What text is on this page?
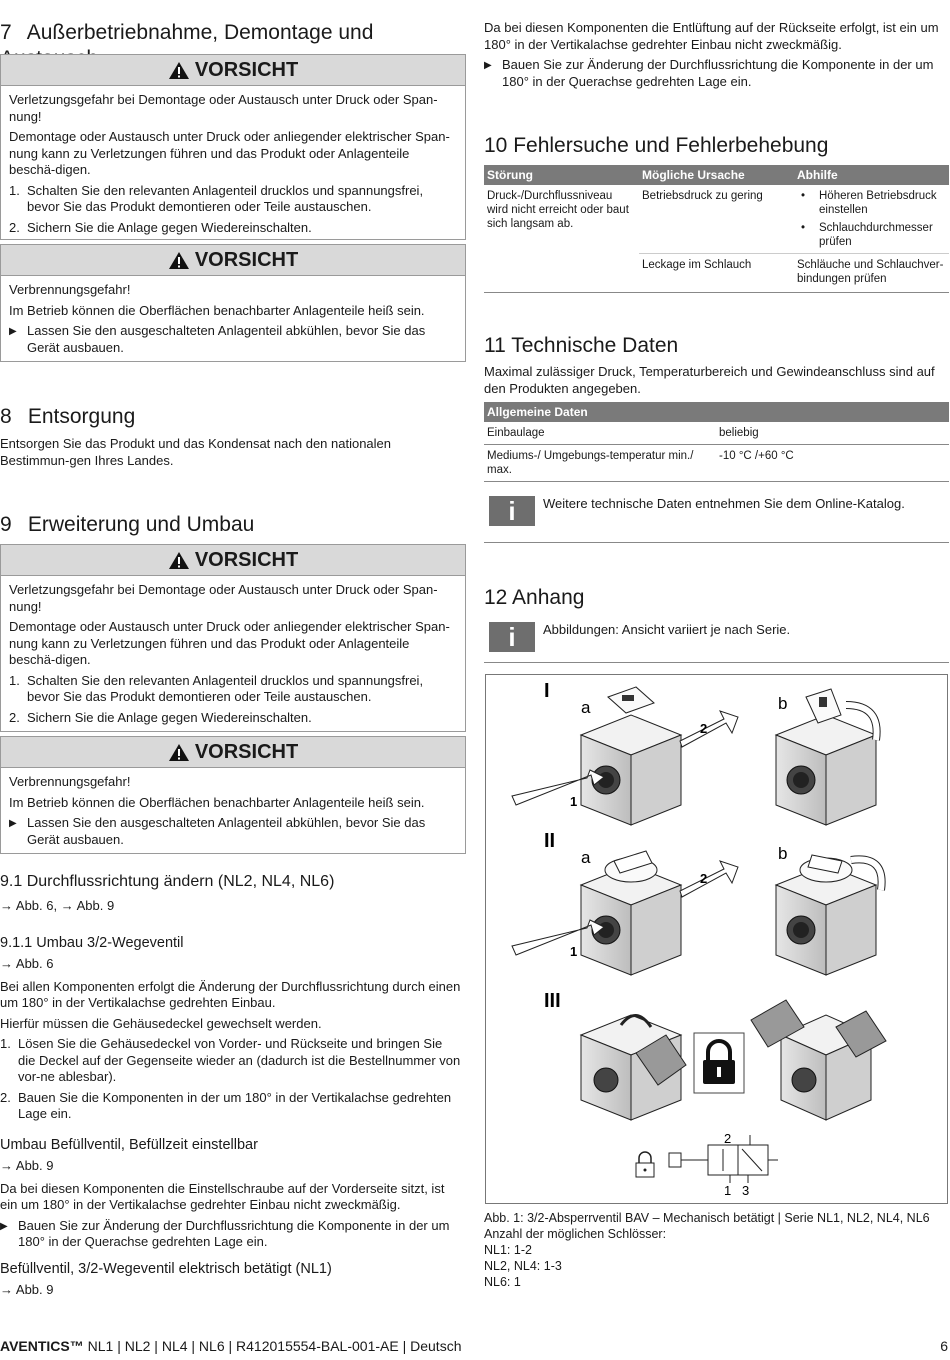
7 Außerbetriebnahme, Demontage und
VORSICHT

Verletzungsgefahr bei Demontage oder Austausch unter Druck oder Span-nung!

Demontage oder Austausch unter Druck oder anliegender elektrischer Span-nung kann zu Verletzungen führen und das Produkt oder Anlagenteile beschä-digen.

1. Schalten Sie den relevanten Anlagenteil drucklos und spannungsfrei, bevor Sie das Produkt demontieren oder Teile austauschen.
2. Sichern Sie die Anlage gegen Wiedereinschalten.
VORSICHT

Verbrennungsgefahr!

Im Betrieb können die Oberflächen benachbarter Anlagenteile heiß sein.

▶ Lassen Sie den ausgeschalteten Anlagenteil abkühlen, bevor Sie das Gerät ausbauen.
8 Entsorgung

Entsorgen Sie das Produkt und das Kondensat nach den nationalen Bestimmun-gen Ihres Landes.

9 Erweiterung und Umbau
VORSICHT

Verletzungsgefahr bei Demontage oder Austausch unter Druck oder Span-nung!

Demontage oder Austausch unter Druck oder anliegender elektrischer Span-nung kann zu Verletzungen führen und das Produkt oder Anlagenteile beschä-digen.

1. Schalten Sie den relevanten Anlagenteil drucklos und spannungsfrei, bevor Sie das Produkt demontieren oder Teile austauschen.
2. Sichern Sie die Anlage gegen Wiedereinschalten.
VORSICHT

Verbrennungsgefahr!

Im Betrieb können die Oberflächen benachbarter Anlagenteile heiß sein.

▶ Lassen Sie den ausgeschalteten Anlagenteil abkühlen, bevor Sie das Gerät ausbauen.
9.1 Durchflussrichtung ändern (NL2, NL4, NL6)

→ Abb. 6, → Abb. 9

9.1.1 Umbau 3/2-Wegeventil

→ Abb. 6

Bei allen Komponenten erfolgt die Änderung der Durchflussrichtung durch einen um 180° in der Vertikalachse gedrehten Einbau.

Hierfür müssen die Gehäusedeckel gewechselt werden.

1. Lösen Sie die Gehäusedeckel von Vorder- und Rückseite und bringen Sie die Deckel auf der Gegenseite wieder an (dadurch ist die Bestellnummer von vor-ne ablesbar).
2. Bauen Sie die Komponenten in der um 180° in der Vertikalachse gedrehten Lage ein.
Umbau Befüllventil, Befüllzeit einstellbar

→ Abb. 9

Da bei diesen Komponenten die Einstellschraube auf der Vorderseite sitzt, ist ein um 180° in der Vertikalachse gedrehter Einbau nicht zweckmäßig.

▶ Bauen Sie zur Änderung der Durchflussrichtung die Komponente in der um 180° in der Querachse gedrehten Lage ein.
Befüllventil, 3/2-Wegeventil elektrisch betätigt (NL1)

→ Abb. 9

Da bei diesen Komponenten die Entlüftung auf der Rückseite erfolgt, ist ein um 180° in der Vertikalachse gedrehter Einbau nicht zweckmäßig.

▶ Bauen Sie zur Änderung der Durchflussrichtung die Komponente in der um 180° in der Querachse gedrehten Lage ein.
10 Fehlersuche und Fehlerbehebung
Störung	Mögliche Ursache	Abhilfe
Druck-/Durchflussniveau wird nicht erreicht oder baut sich langsam ab.	Betriebsdruck zu gering	• Höheren Betriebsdruck einstellen
• Schlauchdurchmesser prüfen

	Leckage im Schlauch	Schläuche und Schlauchver-bindungen prüfen
11 Technische Daten

Maximal zulässiger Druck, Temperaturbereich und Gewindeanschluss sind auf den Produkten angegeben.

Allgemeine Daten	
Einbaulage	beliebig
Mediums-/ Umgebungs-temperatur min./ max.	-10 °C /+60 °C
i	Weitere technische Daten entnehmen Sie dem Online-Katalog.

12 Anhang
i	Abbildungen: Ansicht variiert je nach Serie.

I
II
III
a	b
a	b
1
2
1
2
2
1 3

Abb. 1: 3/2-Absperrventil BAV – Mechanisch betätigt | Serie NL1, NL2, NL4, NL6

Anzahl der möglichen Schlösser:

NL1: 1-2

NL2, NL4: 1-3

NL6: 1

AVENTICS™ NL1 | NL2 | NL4 | NL6 | R412015554-BAL-001-AE | Deutsch	6
